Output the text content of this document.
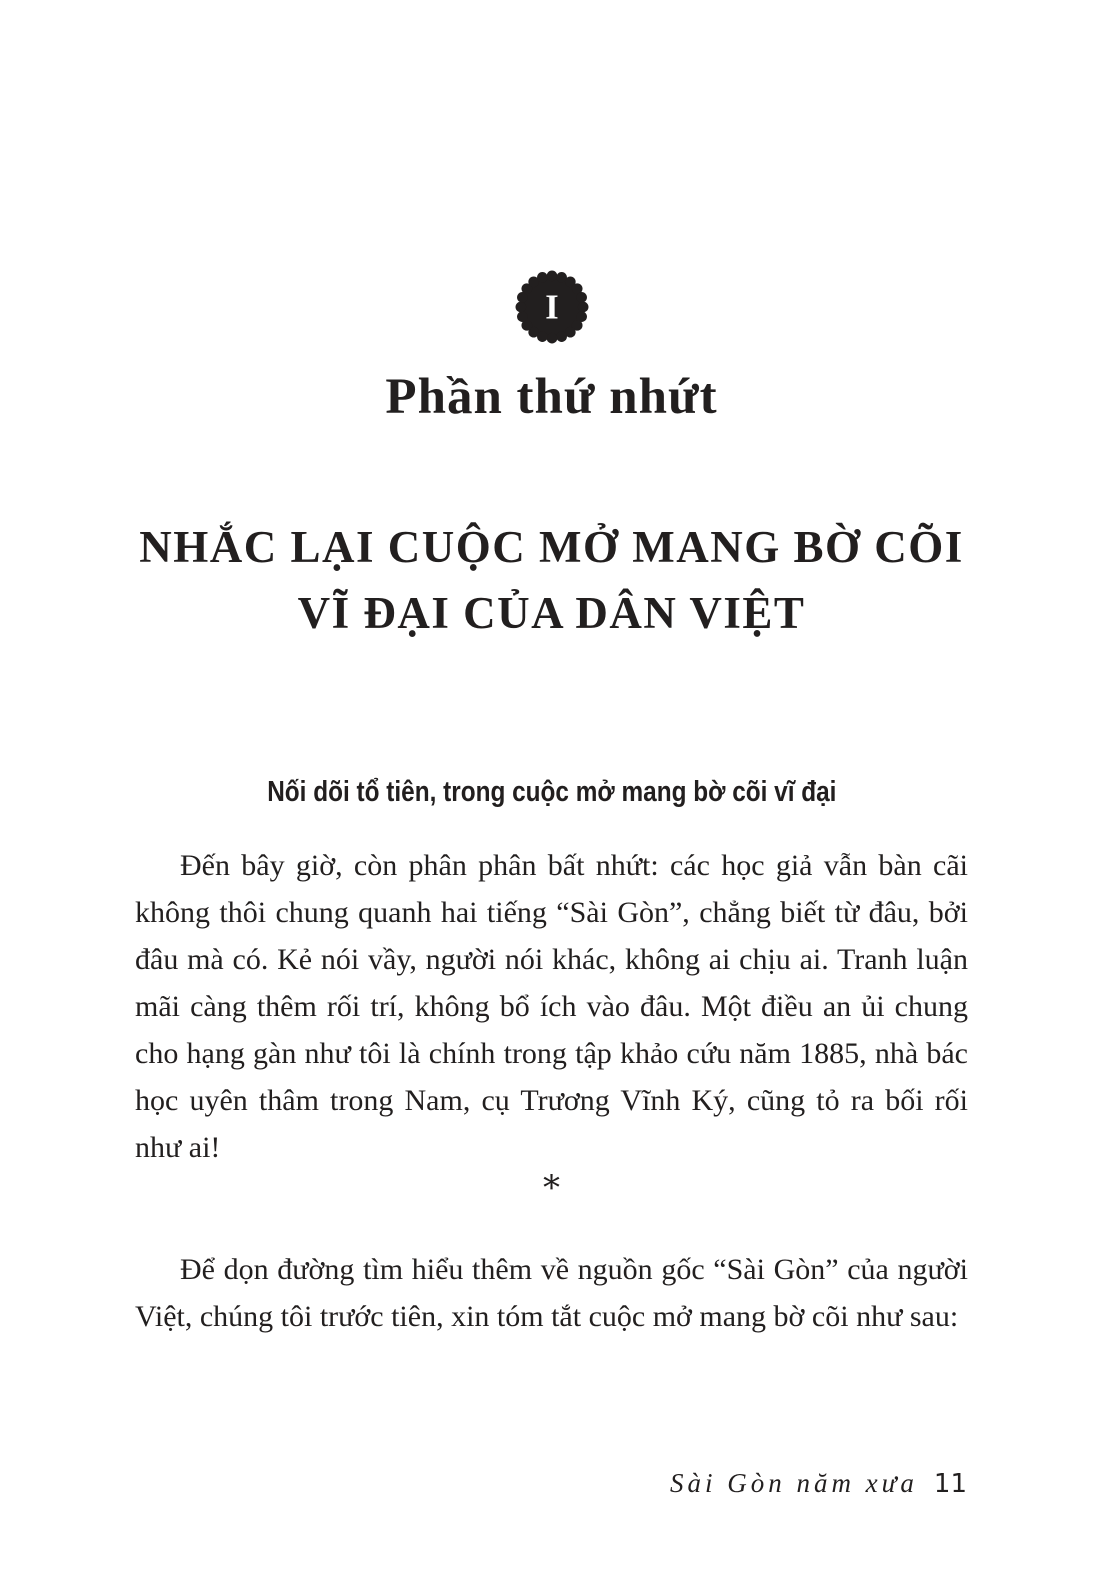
I
Phần thứ nhứt
NHẮC LẠI CUỘC MỞ MANG BỜ CÕI
VĨ ĐẠI CỦA DÂN VIỆT
Nối dõi tổ tiên, trong cuộc mở mang bờ cõi vĩ đại

Đến bây giờ, còn phân phân bất nhứt: các học giả vẫn bàn cãi không thôi chung quanh hai tiếng “Sài Gòn”, chẳng biết từ đâu, bởi đâu mà có. Kẻ nói vầy, người nói khác, không ai chịu ai. Tranh luận mãi càng thêm rối trí, không bổ ích vào đâu. Một điều an ủi chung cho hạng gàn như tôi là chính trong tập khảo cứu năm 1885, nhà bác học uyên thâm trong Nam, cụ Trương Vĩnh Ký, cũng tỏ ra bối rối như ai!

*

Để dọn đường tìm hiểu thêm về nguồn gốc “Sài Gòn” của người Việt, chúng tôi trước tiên, xin tóm tắt cuộc mở mang bờ cõi như sau:

Sài Gòn năm xưa 11
